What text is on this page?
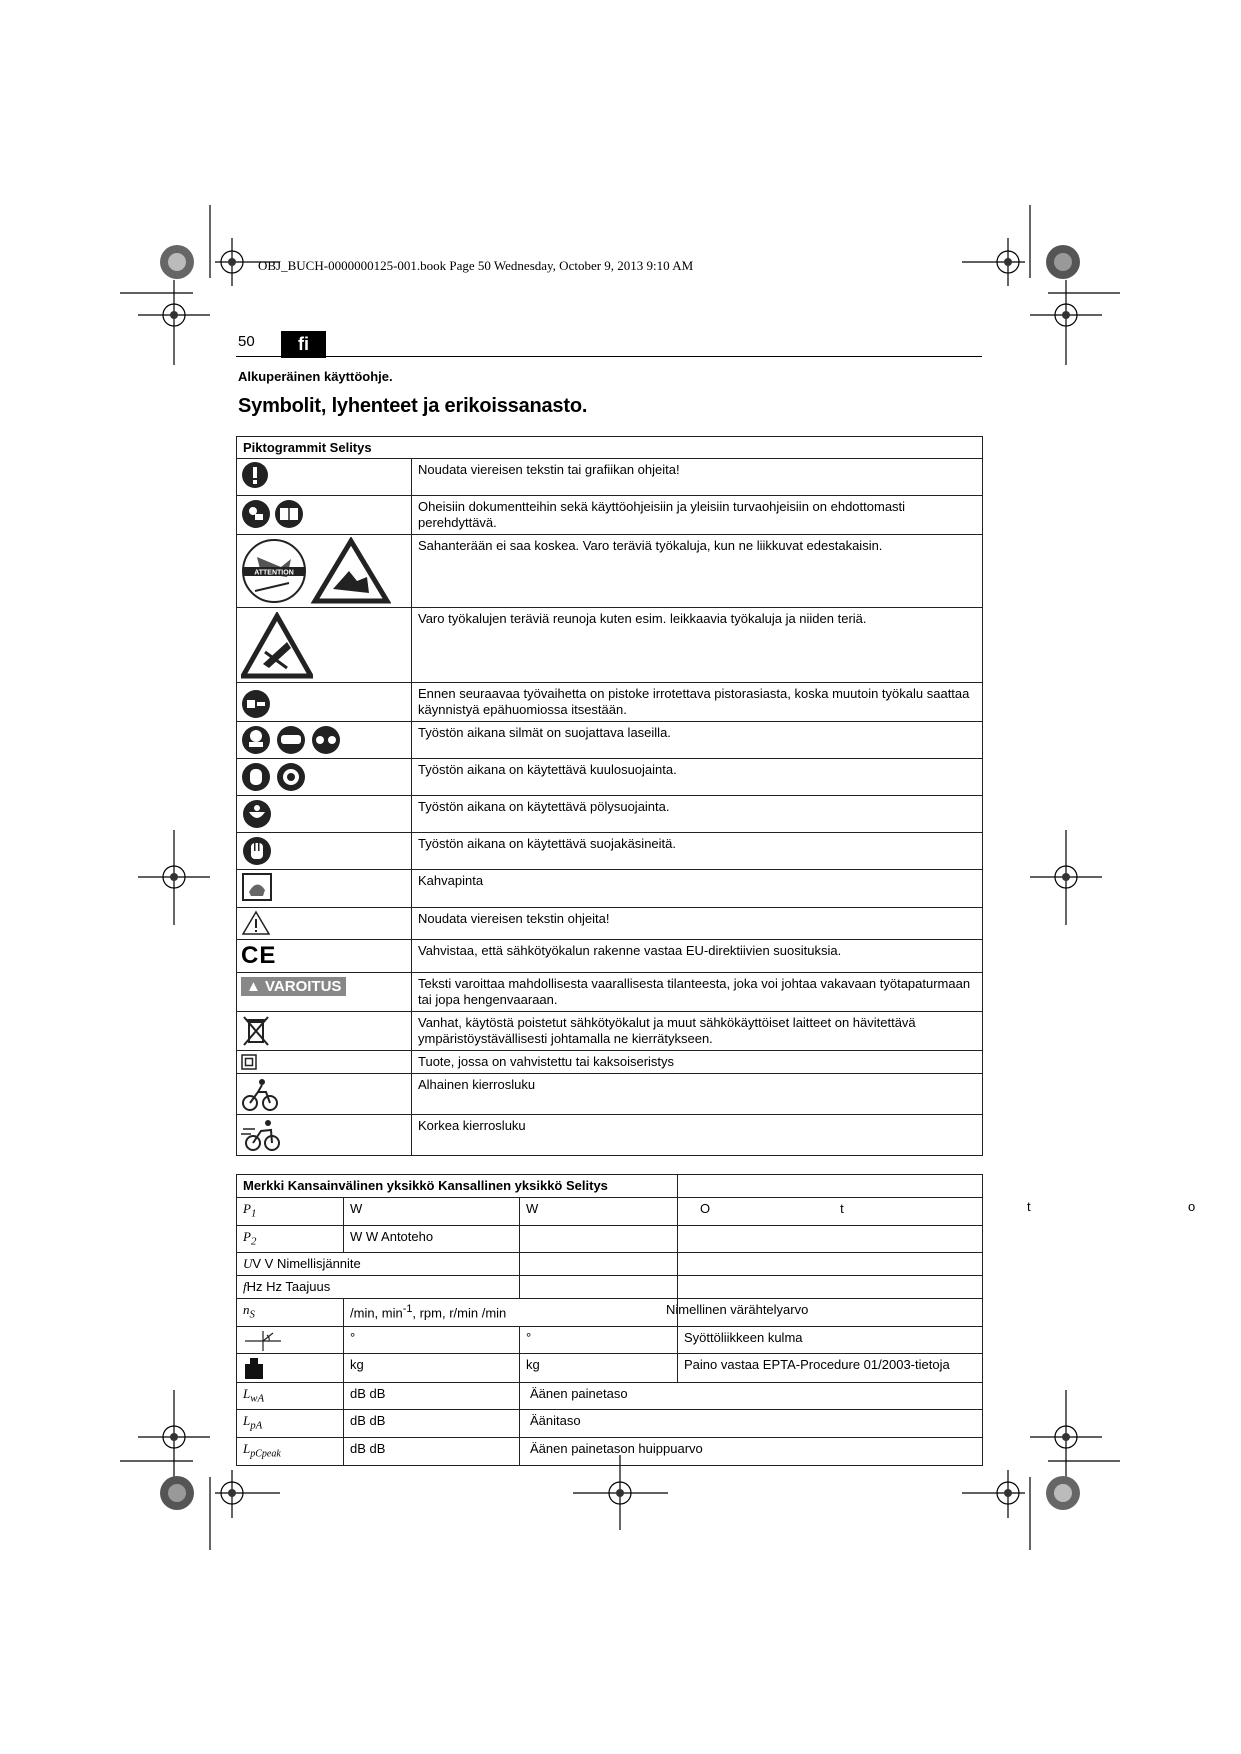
OBJ_BUCH-0000000125-001.book Page 50 Wednesday, October 9, 2013 9:10 AM
50	fi
Alkuperäinen käyttöohje.
Symbolit, lyhenteet ja erikoissanasto.
Piktogrammit Selitys	
	Noudata viereisen tekstin tai grafiikan ohjeita!
	Oheisiin dokumentteihin sekä käyttöohjeisiin ja yleisiin turvaohjeisiin on ehdottomasti perehdyttävä.

ATTENTION	Sahanterään ei saa koskea. Varo teräviä työkaluja, kun ne liikkuvat edestakaisin.
	Varo työkalujen teräviä reunoja kuten esim. leikkaavia työkaluja ja niiden teriä.
	Ennen seuraavaa työvaihetta on pistoke irrotettava pistorasiasta, koska muutoin työkalu saattaa käynnistyä epähuomiossa itsestään.
	Työstön aikana silmät on suojattava laseilla.
	Työstön aikana on käytettävä kuulosuojainta.
	Työstön aikana on käytettävä pölysuojainta.
	Työstön aikana on käytettävä suojakäsineitä.
	Kahvapinta
	Noudata viereisen tekstin ohjeita!
CE	Vahvistaa, että sähkötyökalun rakenne vastaa EU-direktiivien suosituksia.
▲ VAROITUS	Teksti varoittaa mahdollisesta vaarallisesta tilanteesta, joka voi johtaa vakavaan työtapaturmaan tai jopa hengenvaaraan.
	Vanhat, käytöstä poistetut sähkötyökalut ja muut sähkökäyttöiset laitteet on hävitettävä ympäristöystävällisesti johtamalla ne kierrätykseen.
	Tuote, jossa on vahvistettu tai kaksoiseristys
	Alhainen kierrosluku
	Korkea kierrosluku
Merkki Kansainvälinen yksikkö Kansallinen yksikkö Selitys			
$P_1$	W	W	O                                    t
$P_2$	W W Antoteho		
UV V Nimellisjännite			
fHz Hz Taajuus			
$n_S$	/min, $\min^{-1}$, rpm, r/min /min		Nimellinen värähtelyarvo
	°	°	Syöttöliikkeen kulma
	kg	kg	Paino vastaa EPTA-Procedure 01/2003-tietoja
$L_{wA}$	dB dB	Äänen painetaso	
$L_{pA}$	dB dB	Äänitaso	
$L_{pCpeak}$	dB dB	Äänen painetason huippuarvo	
t	o
